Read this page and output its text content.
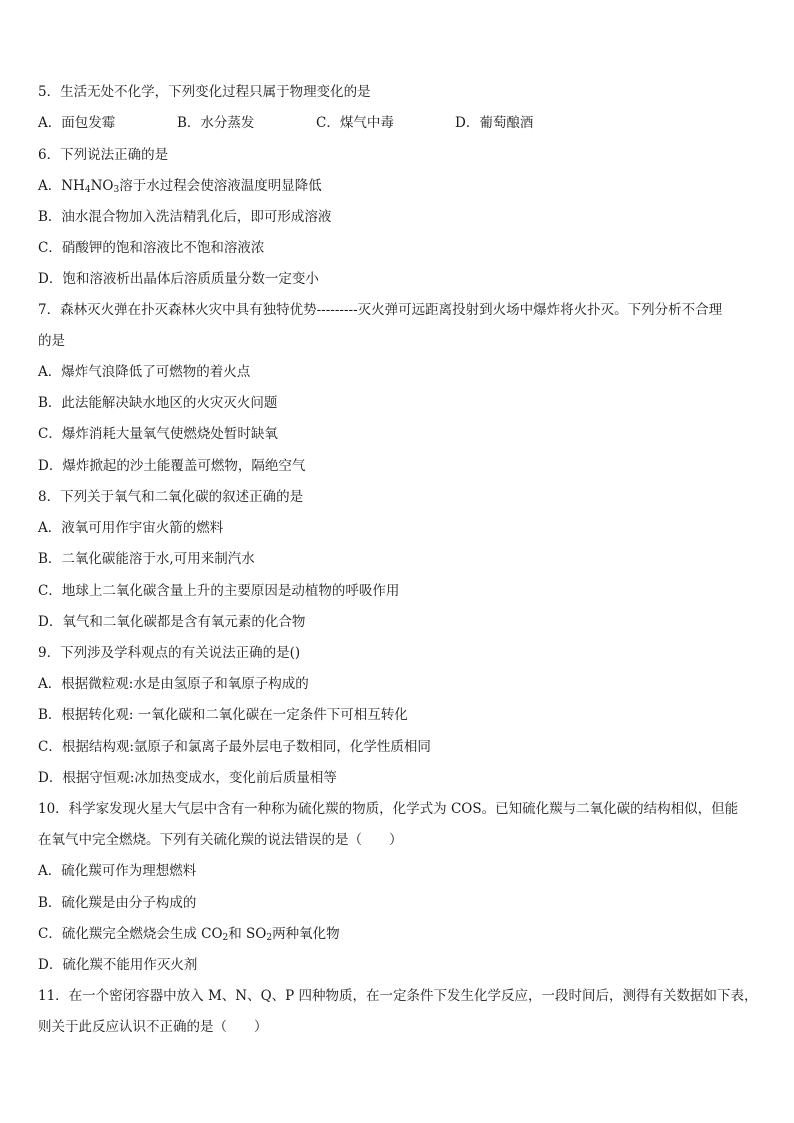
5．生活无处不化学，下列变化过程只属于物理变化的是
A．面包发霉	B．水分蒸发	C．煤气中毒	D．葡萄酿酒
6．下列说法正确的是
A．$NH_4NO_3$溶于水过程会使溶液温度明显降低
B．油水混合物加入洗洁精乳化后，即可形成溶液
C．硝酸钾的饱和溶液比不饱和溶液浓
D．饱和溶液析出晶体后溶质质量分数一定变小
7．森林灭火弹在扑灭森林火灾中具有独特优势---------灭火弹可远距离投射到火场中爆炸将火扑灭。下列分析不合理
的是
A．爆炸气浪降低了可燃物的着火点
B．此法能解决缺水地区的火灾灭火问题
C．爆炸消耗大量氧气使燃烧处暂时缺氧
D．爆炸掀起的沙土能覆盖可燃物，隔绝空气
8．下列关于氧气和二氧化碳的叙述正确的是
A．液氧可用作宇宙火箭的燃料
B．二氧化碳能溶于水,可用来制汽水
C．地球上二氧化碳含量上升的主要原因是动植物的呼吸作用
D．氧气和二氧化碳都是含有氧元素的化合物
9．下列涉及学科观点的有关说法正确的是()
A．根据微粒观:水是由氢原子和氧原子构成的
B．根据转化观: 一氧化碳和二氧化碳在一定条件下可相互转化
C．根据结构观:氩原子和氯离子最外层电子数相同，化学性质相同
D．根据守恒观:冰加热变成水，变化前后质量相等
10．科学家发现火星大气层中含有一种称为硫化羰的物质，化学式为 COS。已知硫化羰与二氧化碳的结构相似，但能
在氧气中完全燃烧。下列有关硫化羰的说法错误的是（　　）
A．硫化羰可作为理想燃料
B．硫化羰是由分子构成的
C．硫化羰完全燃烧会生成 $CO_2$和 $SO_2$两种氧化物
D．硫化羰不能用作灭火剂
11．在一个密闭容器中放入 M、N、Q、P 四种物质，在一定条件下发生化学反应，一段时间后，测得有关数据如下表，
则关于此反应认识不正确的是（　　）
